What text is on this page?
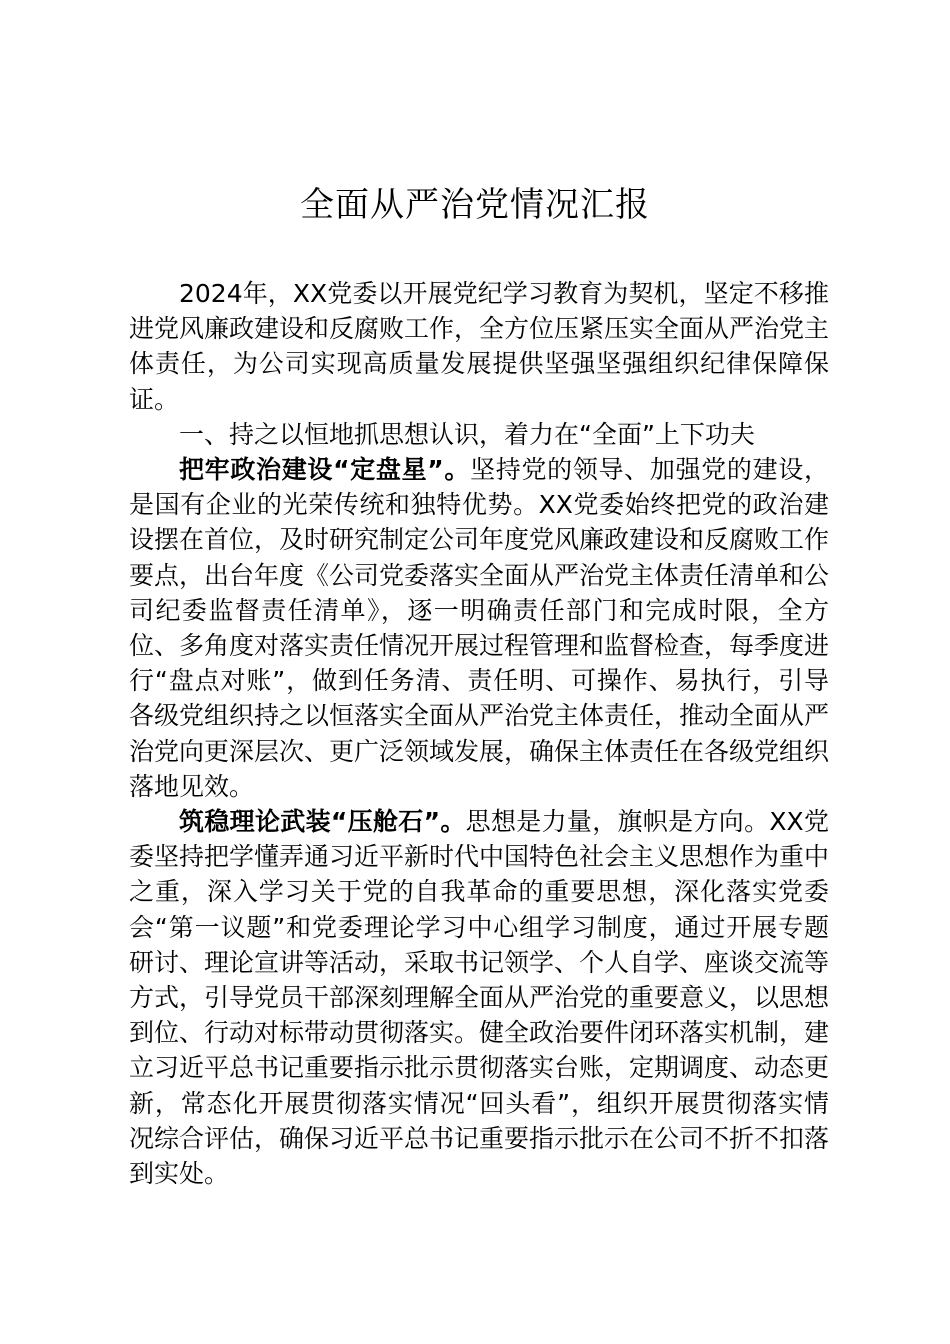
全面从严治党情况汇报

2024年，XX党委以开展党纪学习教育为契机，坚定不移推进党风廉政建设和反腐败工作，全方位压紧压实全面从严治党主体责任，为公司实现高质量发展提供坚强坚强组织纪律保障保证。

一、持之以恒地抓思想认识，着力在“全面”上下功夫

把牢政治建设“定盘星”。坚持党的领导、加强党的建设，是国有企业的光荣传统和独特优势。XX党委始终把党的政治建设摆在首位，及时研究制定公司年度党风廉政建设和反腐败工作要点，出台年度《公司党委落实全面从严治党主体责任清单和公司纪委监督责任清单》，逐一明确责任部门和完成时限，全方位、多角度对落实责任情况开展过程管理和监督检查，每季度进行“盘点对账”，做到任务清、责任明、可操作、易执行，引导各级党组织持之以恒落实全面从严治党主体责任，推动全面从严治党向更深层次、更广泛领域发展，确保主体责任在各级党组织落地见效。

筑稳理论武装“压舱石”。思想是力量，旗帜是方向。XX党委坚持把学懂弄通习近平新时代中国特色社会主义思想作为重中之重，深入学习关于党的自我革命的重要思想，深化落实党委会“第一议题”和党委理论学习中心组学习制度，通过开展专题研讨、理论宣讲等活动，采取书记领学、个人自学、座谈交流等方式，引导党员干部深刻理解全面从严治党的重要意义，以思想到位、行动对标带动贯彻落实。健全政治要件闭环落实机制，建立习近平总书记重要指示批示贯彻落实台账，定期调度、动态更新，常态化开展贯彻落实情况“回头看”，组织开展贯彻落实情况综合评估，确保习近平总书记重要指示批示在公司不折不扣落到实处。
